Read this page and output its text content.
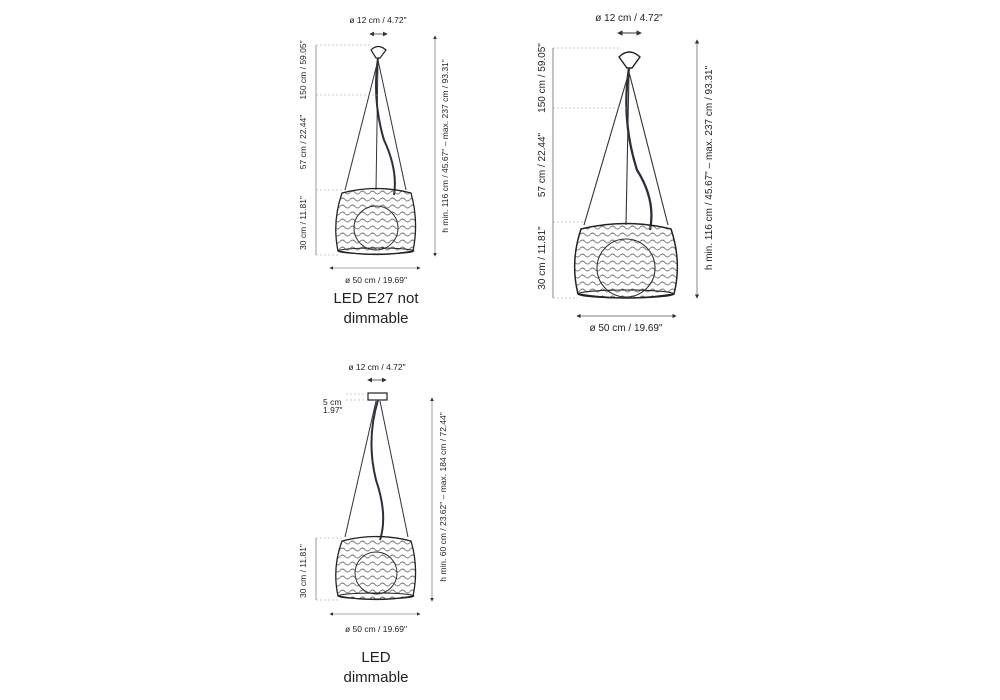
ø 12 cm / 4.72"
150 cm / 59.05"
57 cm / 22.44"
30 cm / 11.81"	h min. 116 cm / 45.67" – max. 237 cm / 93.31"
ø 50 cm / 19.69"
ø 12 cm / 4.72"
150 cm / 59.05"
57 cm / 22.44"
30 cm / 11.81"	h min. 116 cm / 45.67" – max. 237 cm / 93.31"
ø 50 cm / 19.69"
ø 12 cm / 4.72"
5 cm
1.97"
30 cm / 11.81"	h min. 60 cm / 23.62" – max. 184 cm / 72.44"
ø 50 cm / 19.69"
LED E27 not
dimmable
LED
dimmable
